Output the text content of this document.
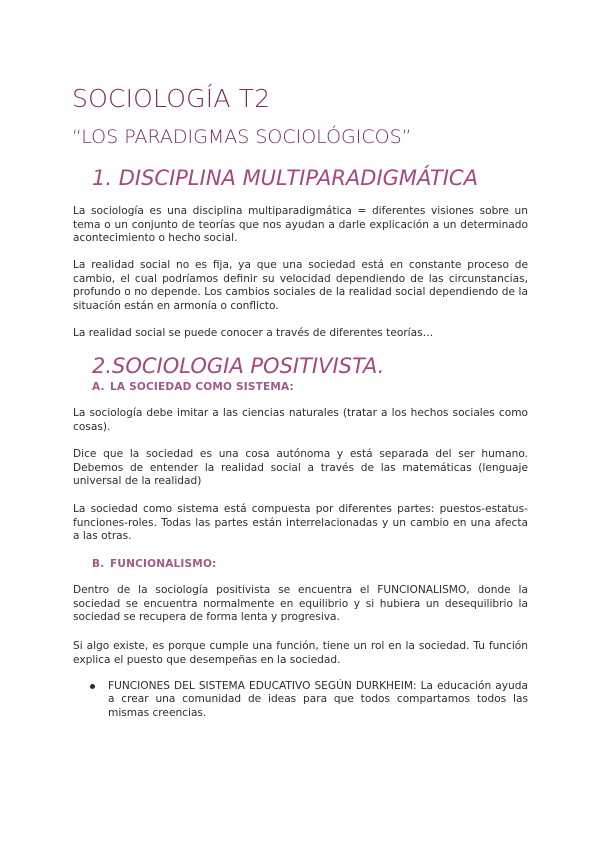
SOCIOLOGÍA T2
“LOS PARADIGMAS SOCIOLÓGICOS”
1. DISCIPLINA MULTIPARADIGMÁTICA

La sociología es una disciplina multiparadigmática = diferentes visiones sobre un tema o un conjunto de teorías que nos ayudan a darle explicación a un determinado acontecimiento o hecho social.

La realidad social no es fija, ya que una sociedad está en constante proceso de cambio, el cual podríamos definir su velocidad dependiendo de las circunstancias, profundo o no depende. Los cambios sociales de la realidad social dependiendo de la situación están en armonía o conflicto.

La realidad social se puede conocer a través de diferentes teorías…

2.SOCIOLOGIA POSITIVISTA.
A. LA SOCIEDAD COMO SISTEMA:

La sociología debe imitar a las ciencias naturales (tratar a los hechos sociales como cosas).

Dice que la sociedad es una cosa autónoma y está separada del ser humano. Debemos de entender la realidad social a través de las matemáticas (lenguaje universal de la realidad)

La sociedad como sistema está compuesta por diferentes partes: puestos-estatus-funciones-roles. Todas las partes están interrelacionadas y un cambio en una afecta a las otras.

B. FUNCIONALISMO:

Dentro de la sociología positivista se encuentra el FUNCIONALISMO, donde la sociedad se encuentra normalmente en equilibrio y si hubiera un desequilibrio la sociedad se recupera de forma lenta y progresiva.

Si algo existe, es porque cumple una función, tiene un rol en la sociedad. Tu función explica el puesto que desempeñas en la sociedad.

FUNCIONES DEL SISTEMA EDUCATIVO SEGÚN DURKHEIM: La educación ayuda a crear una comunidad de ideas para que todos compartamos todos las mismas creencias.
